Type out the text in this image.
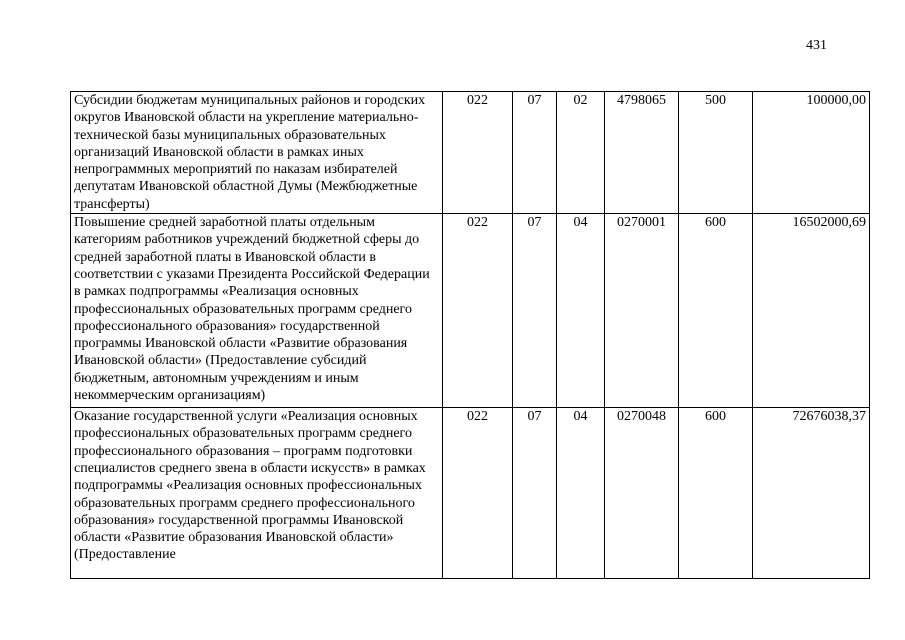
431
Субсидии бюджетам муниципальных районов и городских округов Ивановской области на укрепление материально-технической базы муниципальных образовательных организаций Ивановской области в рамках иных непрограммных мероприятий по наказам избирателей депутатам Ивановской областной Думы (Межбюджетные трансферты)	022	07	02	4798065	500	100000,00
Повышение средней заработной платы отдельным категориям работников учреждений бюджетной сферы до средней заработной платы в Ивановской области в соответствии с указами Президента Российской Федерации в рамках подпрограммы «Реализация основных профессиональных образовательных программ среднего профессионального образования» государственной программы Ивановской области «Развитие образования Ивановской области» (Предоставление субсидий бюджетным, автономным учреждениям и иным некоммерческим организациям)	022	07	04	0270001	600	16502000,69
Оказание государственной услуги «Реализация основных профессиональных образовательных программ среднего профессионального образования – программ подготовки специалистов среднего звена в области искусств» в рамках подпрограммы «Реализация основных профессиональных образовательных программ среднего профессионального образования» государственной программы Ивановской области «Развитие образования Ивановской области» (Предоставление	022	07	04	0270048	600	72676038,37
